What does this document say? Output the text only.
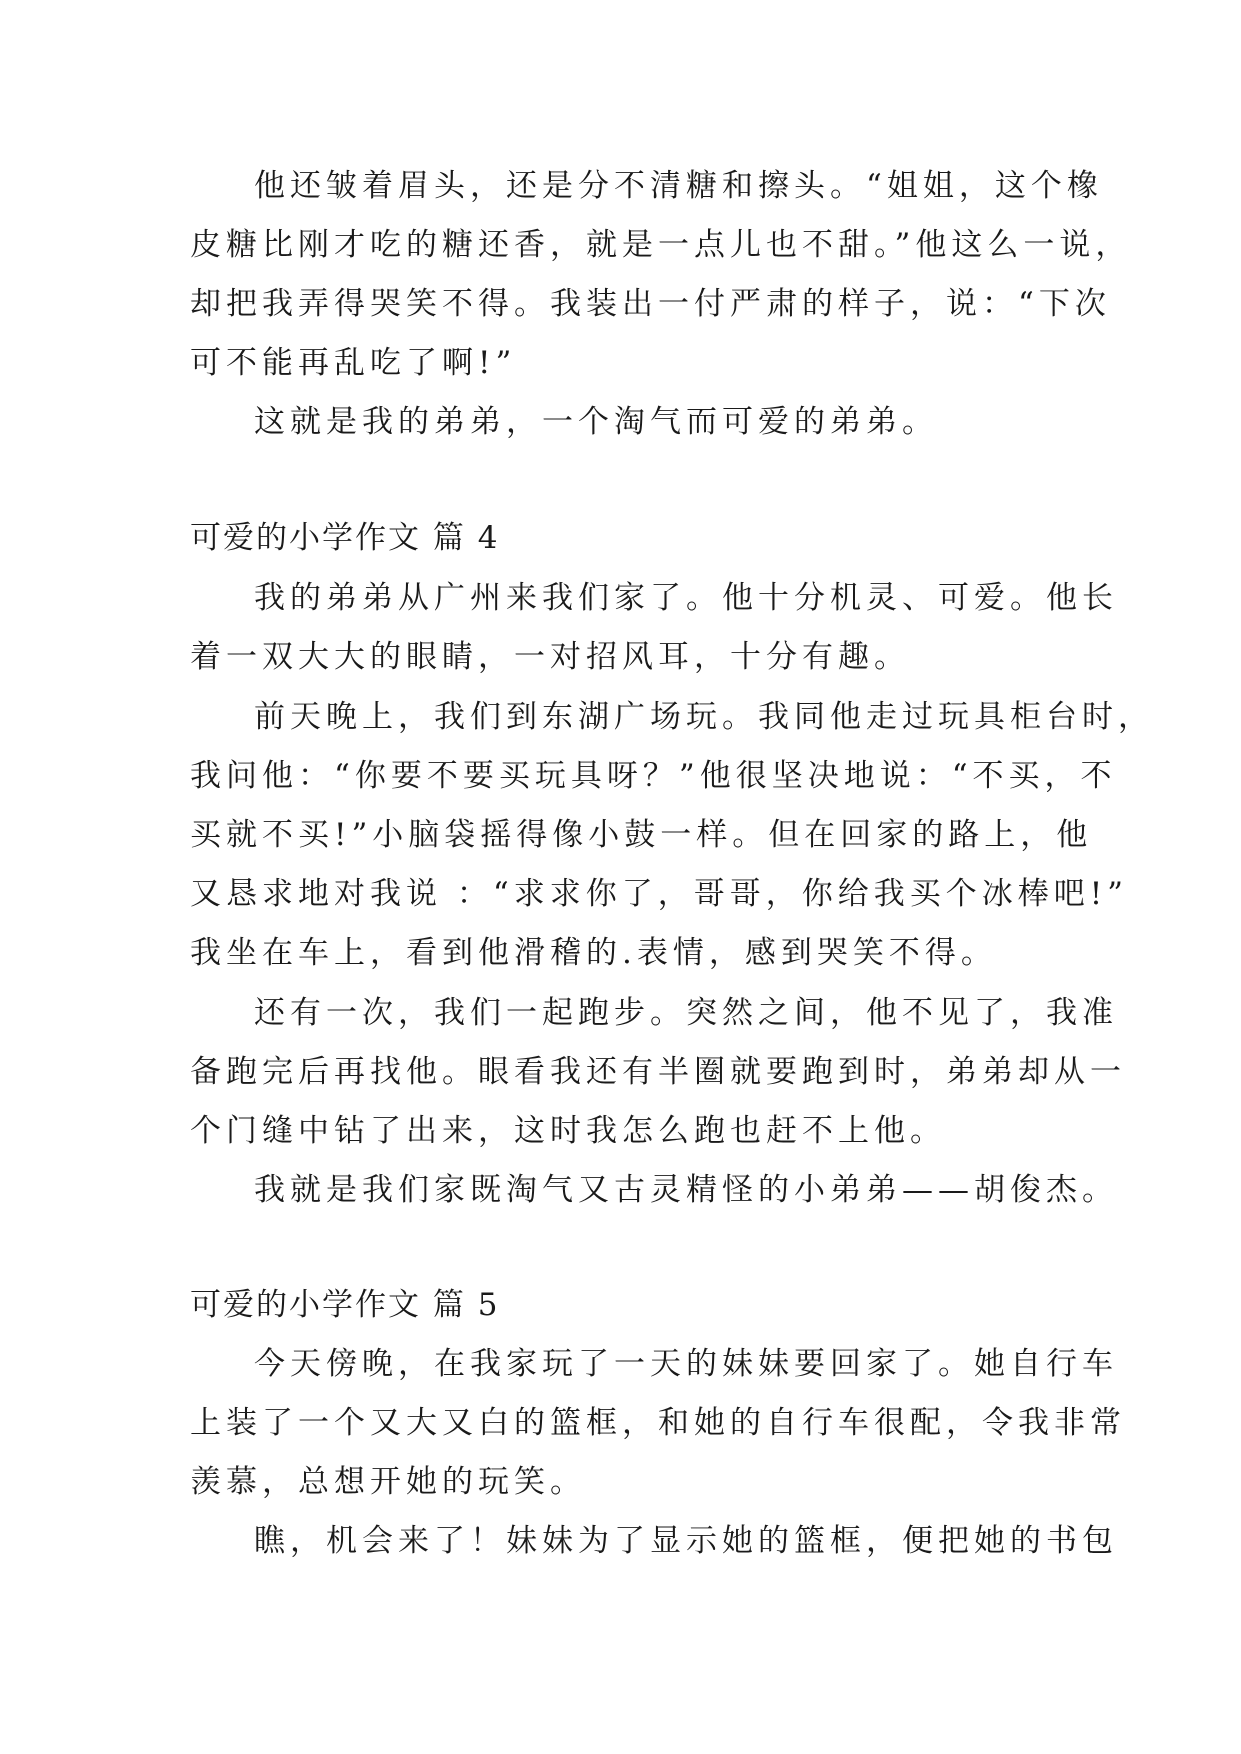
他还皱着眉头，还是分不清糖和擦头。“姐姐，这个橡
皮糖比刚才吃的糖还香，就是一点儿也不甜。”他这么一说，
却把我弄得哭笑不得。我装出一付严肃的样子，说：“下次
可不能再乱吃了啊!”
这就是我的弟弟，一个淘气而可爱的弟弟。
可爱的小学作文 篇 4
我的弟弟从广州来我们家了。他十分机灵、可爱。他长
着一双大大的眼睛，一对招风耳，十分有趣。
前天晚上，我们到东湖广场玩。我同他走过玩具柜台时，
我问他：“你要不要买玩具呀？”他很坚决地说：“不买，不
买就不买!”小脑袋摇得像小鼓一样。但在回家的路上，他
又恳求地对我说 ：“求求你了，哥哥，你给我买个冰棒吧!”
我坐在车上，看到他滑稽的.表情，感到哭笑不得。
还有一次，我们一起跑步。突然之间，他不见了，我准
备跑完后再找他。眼看我还有半圈就要跑到时，弟弟却从一
个门缝中钻了出来，这时我怎么跑也赶不上他。
我就是我们家既淘气又古灵精怪的小弟弟——胡俊杰。
可爱的小学作文 篇 5
今天傍晚，在我家玩了一天的妹妹要回家了。她自行车
上装了一个又大又白的篮框，和她的自行车很配，令我非常
羡慕，总想开她的玩笑。
瞧，机会来了！妹妹为了显示她的篮框，便把她的书包
